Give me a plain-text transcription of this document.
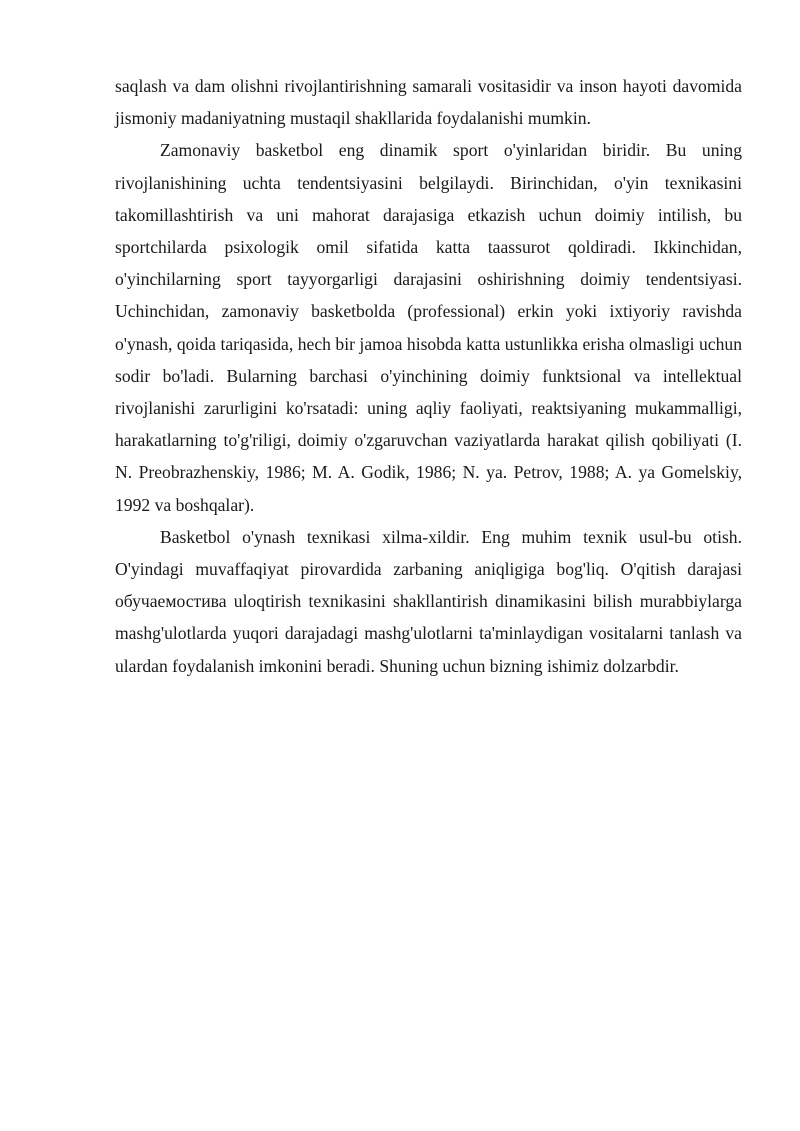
saqlash va dam olishni rivojlantirishning samarali vositasidir va inson hayoti davomida jismoniy madaniyatning mustaqil shakllarida foydalanishi mumkin.

Zamonaviy basketbol eng dinamik sport o'yinlaridan biridir. Bu uning rivojlanishining uchta tendentsiyasini belgilaydi. Birinchidan, o'yin texnikasini takomillashtirish va uni mahorat darajasiga etkazish uchun doimiy intilish, bu sportchilarda psixologik omil sifatida katta taassurot qoldiradi. Ikkinchidan, o'yinchilarning sport tayyorgarligi darajasini oshirishning doimiy tendentsiyasi. Uchinchidan, zamonaviy basketbolda (professional) erkin yoki ixtiyoriy ravishda o'ynash, qoida tariqasida, hech bir jamoa hisobda katta ustunlikka erisha olmasligi uchun sodir bo'ladi. Bularning barchasi o'yinchining doimiy funktsional va intellektual rivojlanishi zarurligini ko'rsatadi: uning aqliy faoliyati, reaktsiyaning mukammalligi, harakatlarning to'g'riligi, doimiy o'zgaruvchan vaziyatlarda harakat qilish qobiliyati (I. N. Preobrazhenskiy, 1986; M. A. Godik, 1986; N. ya. Petrov, 1988; A. ya Gomelskiy, 1992 va boshqalar).

Basketbol o'ynash texnikasi xilma-xildir. Eng muhim texnik usul-bu otish. O'yindagi muvaffaqiyat pirovardida zarbaning aniqligiga bog'liq. O'qitish darajasi обучаемостива uloqtirish texnikasini shakllantirish dinamikasini bilish murabbiylarga mashg'ulotlarda yuqori darajadagi mashg'ulotlarni ta'minlaydigan vositalarni tanlash va ulardan foydalanish imkonini beradi. Shuning uchun bizning ishimiz dolzarbdir.
